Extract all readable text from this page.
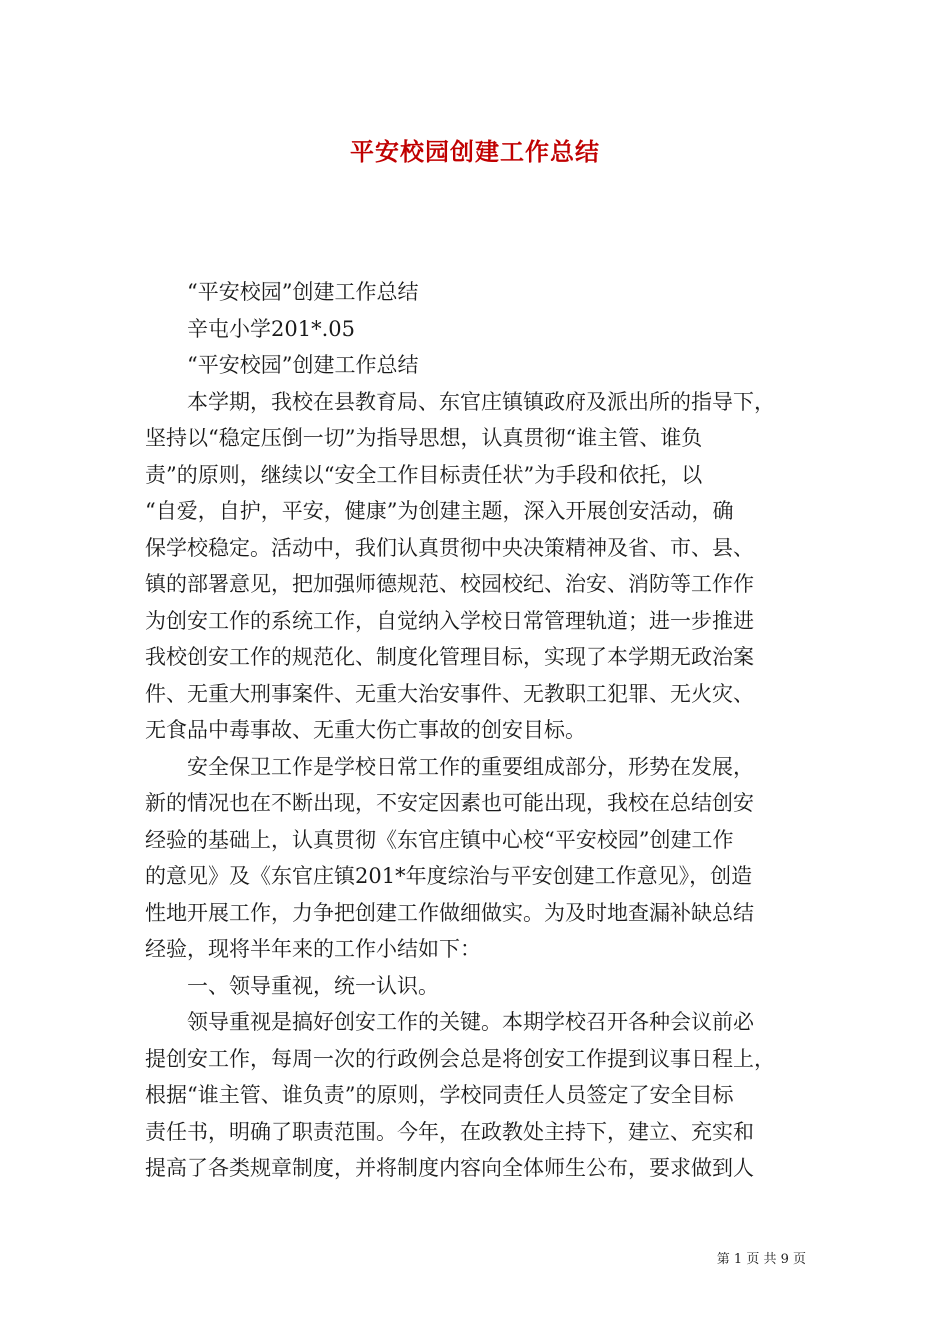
平安校园创建工作总结
“平安校园”创建工作总结
辛屯小学201*.05
“平安校园”创建工作总结
本学期，我校在县教育局、东官庄镇镇政府及派出所的指导下，
坚持以“稳定压倒一切”为指导思想，认真贯彻“谁主管、谁负
责”的原则，继续以“安全工作目标责任状”为手段和依托，以
“自爱，自护，平安，健康”为创建主题，深入开展创安活动，确
保学校稳定。活动中，我们认真贯彻中央决策精神及省、市、县、
镇的部署意见，把加强师德规范、校园校纪、治安、消防等工作作
为创安工作的系统工作，自觉纳入学校日常管理轨道；进一步推进
我校创安工作的规范化、制度化管理目标，实现了本学期无政治案
件、无重大刑事案件、无重大治安事件、无教职工犯罪、无火灾、
无食品中毒事故、无重大伤亡事故的创安目标。
安全保卫工作是学校日常工作的重要组成部分，形势在发展，
新的情况也在不断出现，不安定因素也可能出现，我校在总结创安
经验的基础上，认真贯彻《东官庄镇中心校“平安校园”创建工作
的意见》及《东官庄镇201*年度综治与平安创建工作意见》，创造
性地开展工作，力争把创建工作做细做实。为及时地查漏补缺总结
经验，现将半年来的工作小结如下：
一、领导重视，统一认识。
领导重视是搞好创安工作的关键。本期学校召开各种会议前必
提创安工作，每周一次的行政例会总是将创安工作提到议事日程上，
根据“谁主管、谁负责”的原则，学校同责任人员签定了安全目标
责任书，明确了职责范围。今年，在政教处主持下，建立、充实和
提高了各类规章制度，并将制度内容向全体师生公布，要求做到人
第 1 页 共 9 页
